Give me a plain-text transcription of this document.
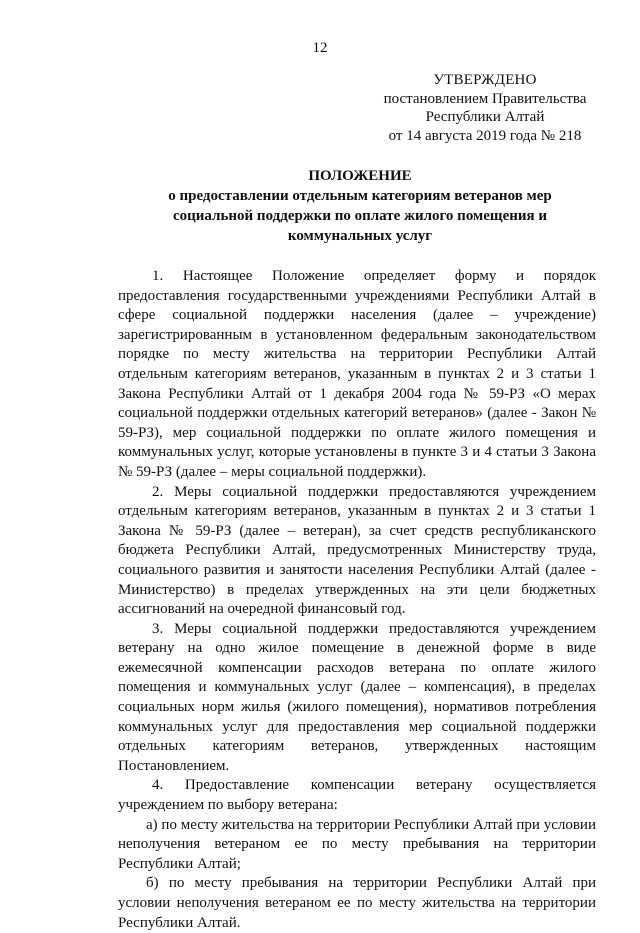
12
УТВЕРЖДЕНО
постановлением Правительства
Республики Алтай
от 14 августа 2019 года № 218
ПОЛОЖЕНИЕ
о предоставлении отдельным категориям ветеранов мер
социальной поддержки по оплате жилого помещения и
коммунальных услуг

1. Настоящее Положение определяет форму и порядок предоставления государственными учреждениями Республики Алтай в сфере социальной поддержки населения (далее – учреждение) зарегистрированным в установленном федеральным законодательством порядке по месту жительства на территории Республики Алтай отдельным категориям ветеранов, указанным в пунктах 2 и 3 статьи 1 Закона Республики Алтай от 1 декабря 2004 года № 59-РЗ «О мерах социальной поддержки отдельных категорий ветеранов» (далее - Закон № 59-РЗ), мер социальной поддержки по оплате жилого помещения и коммунальных услуг, которые установлены в пункте 3 и 4 статьи 3 Закона № 59-РЗ (далее – меры социальной поддержки).

2. Меры социальной поддержки предоставляются учреждением отдельным категориям ветеранов, указанным в пунктах 2 и 3 статьи 1 Закона № 59-РЗ (далее – ветеран), за счет средств республиканского бюджета Республики Алтай, предусмотренных Министерству труда, социального развития и занятости населения Республики Алтай (далее - Министерство) в пределах утвержденных на эти цели бюджетных ассигнований на очередной финансовый год.

3. Меры социальной поддержки предоставляются учреждением ветерану на одно жилое помещение в денежной форме в виде ежемесячной компенсации расходов ветерана по оплате жилого помещения и коммунальных услуг (далее – компенсация), в пределах социальных норм жилья (жилого помещения), нормативов потребления коммунальных услуг для предоставления мер социальной поддержки отдельных категориям ветеранов, утвержденных настоящим Постановлением.

4. Предоставление компенсации ветерану осуществляется учреждением по выбору ветерана:

а) по месту жительства на территории Республики Алтай при условии неполучения ветераном ее по месту пребывания на территории Республики Алтай;

б) по месту пребывания на территории Республики Алтай при условии неполучения ветераном ее по месту жительства на территории Республики Алтай.
